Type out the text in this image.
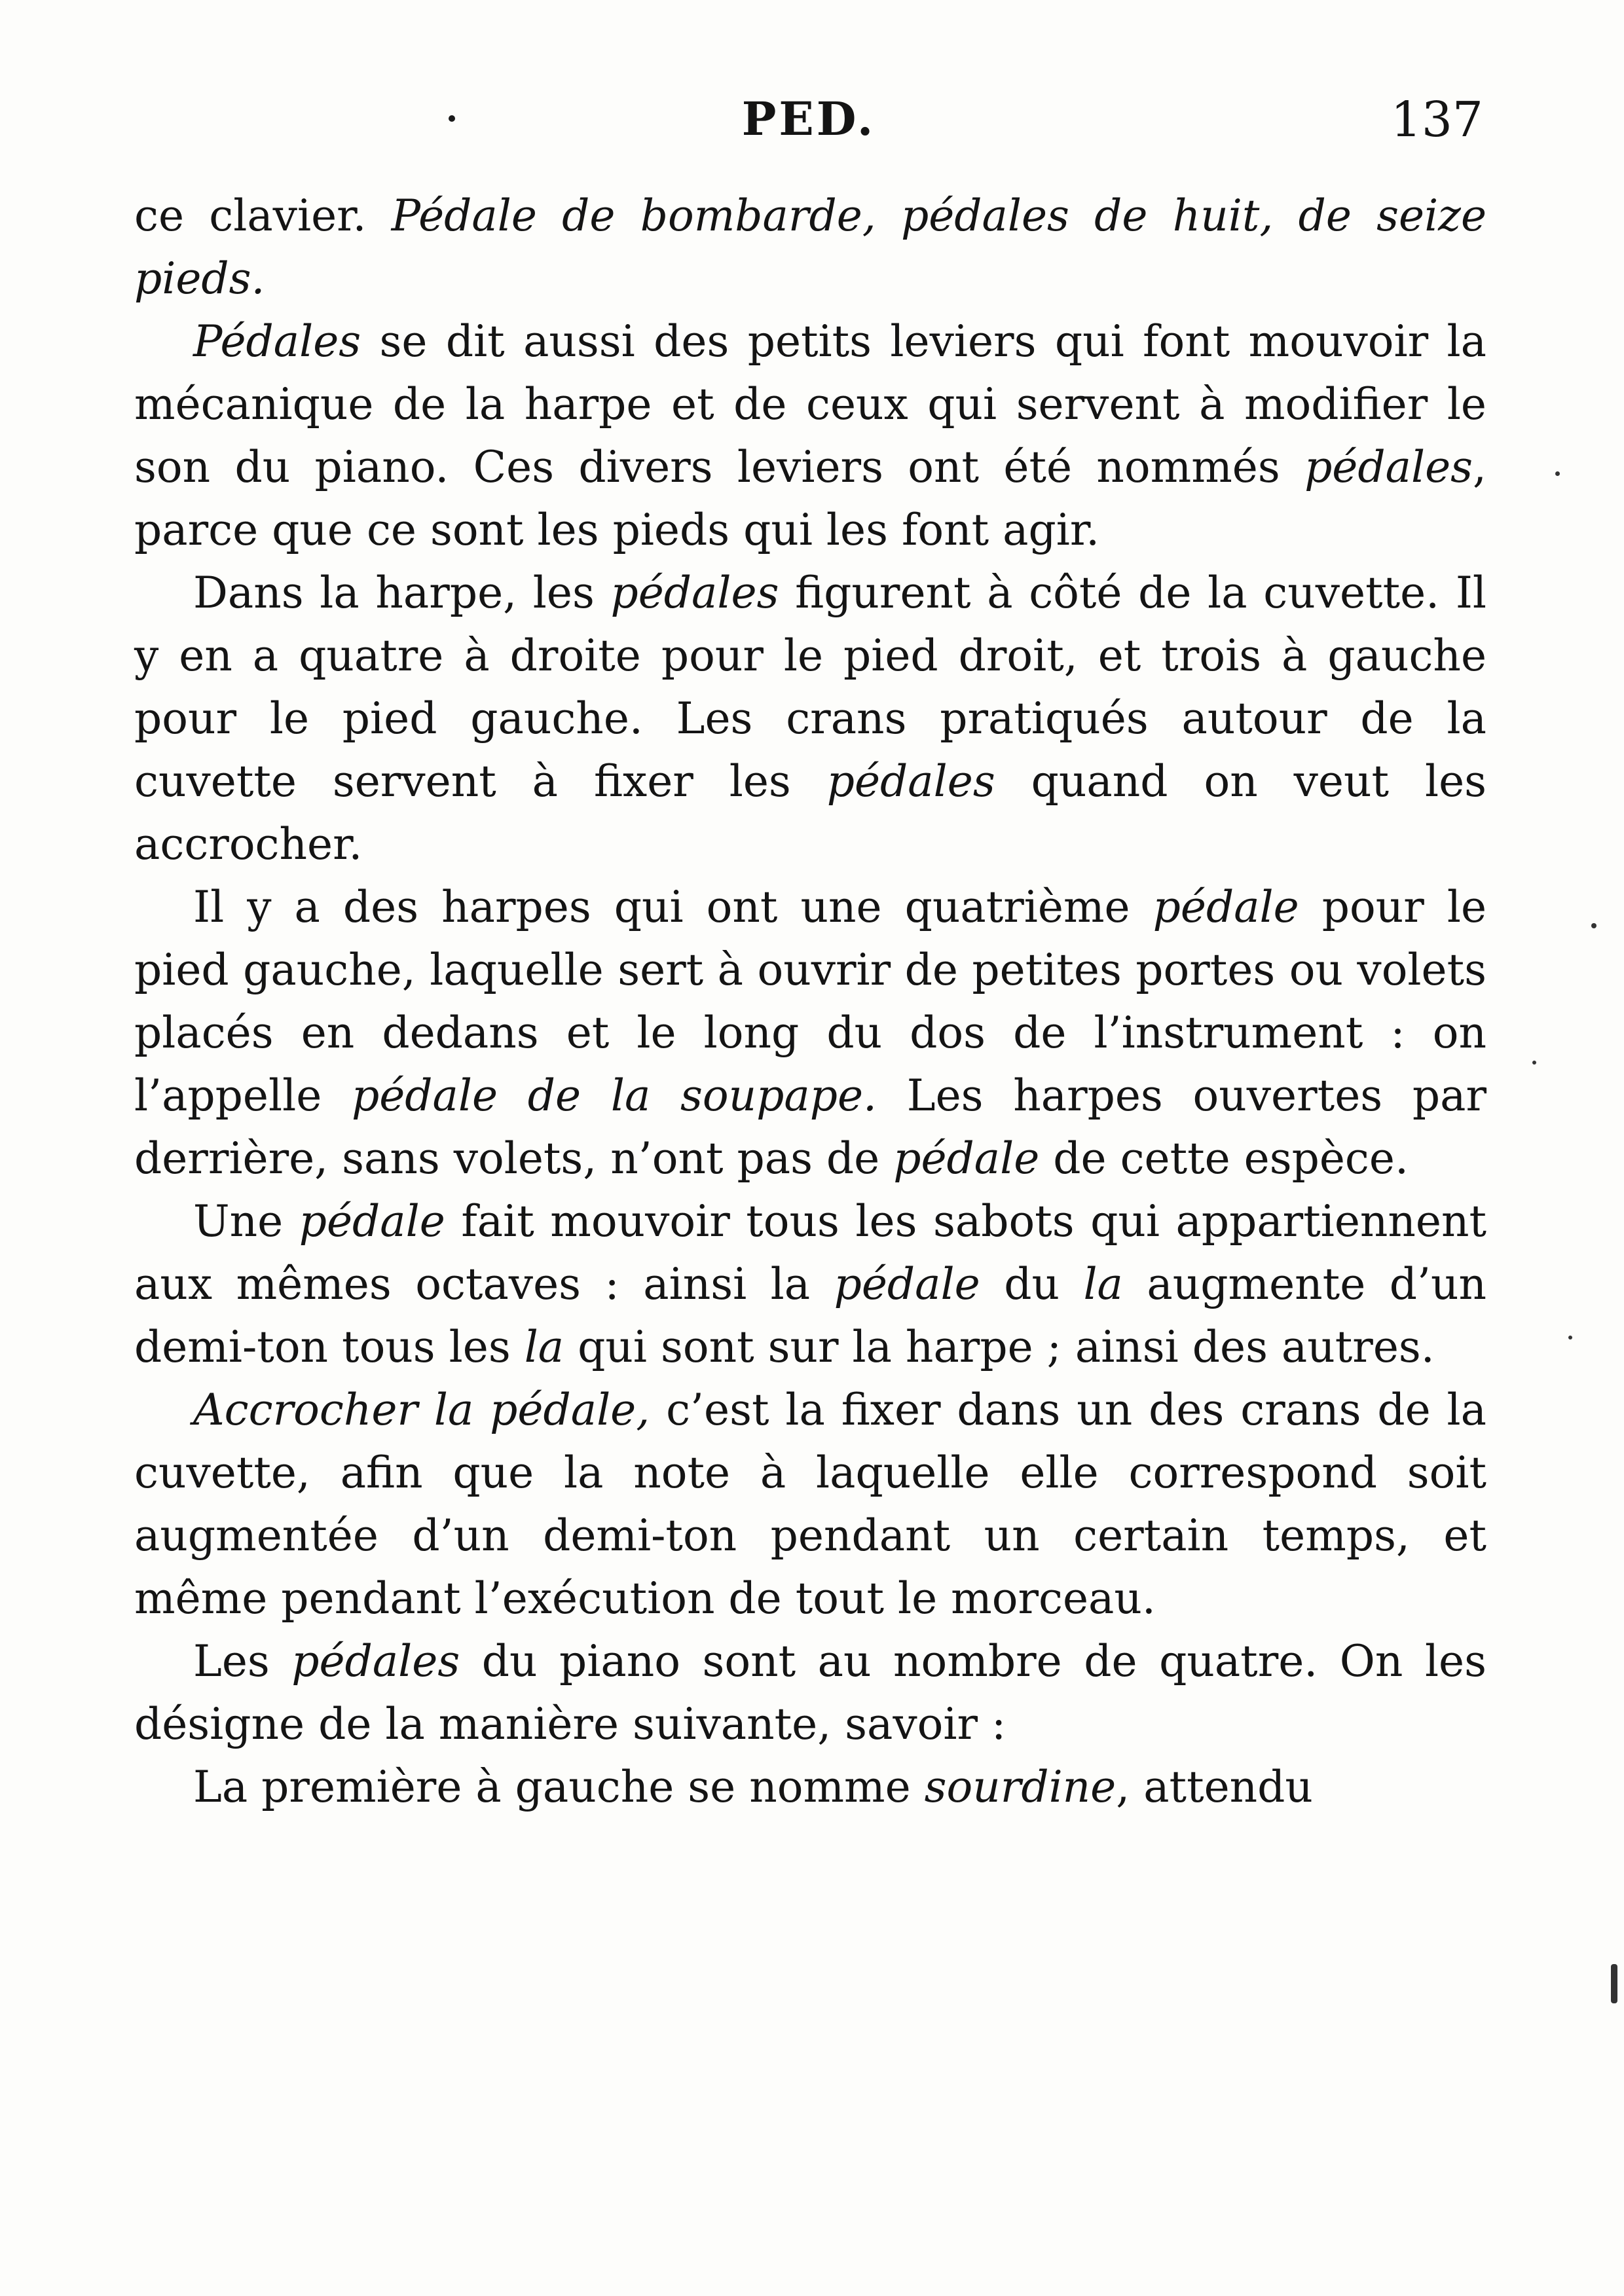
PED.	137

ce clavier. Pédale de bombarde, pédales de huit, de seize pieds.

Pédales se dit aussi des petits leviers qui font mouvoir la mécanique de la harpe et de ceux qui servent à modifier le son du piano. Ces divers leviers ont été nommés pédales, parce que ce sont les pieds qui les font agir.

Dans la harpe, les pédales figurent à côté de la cuvette. Il y en a quatre à droite pour le pied droit, et trois à gauche pour le pied gauche. Les crans pratiqués autour de la cuvette servent à fixer les pédales quand on veut les accrocher.

Il y a des harpes qui ont une quatrième pédale pour le pied gauche, laquelle sert à ouvrir de petites portes ou volets placés en dedans et le long du dos de l’instrument : on l’appelle pédale de la soupape. Les harpes ouvertes par derrière, sans volets, n’ont pas de pédale de cette espèce.

Une pédale fait mouvoir tous les sabots qui appartiennent aux mêmes octaves : ainsi la pédale du la augmente d’un demi-ton tous les la qui sont sur la harpe ; ainsi des autres.

Accrocher la pédale, c’est la fixer dans un des crans de la cuvette, afin que la note à laquelle elle correspond soit augmentée d’un demi-ton pendant un certain temps, et même pendant l’exécution de tout le morceau.

Les pédales du piano sont au nombre de quatre. On les désigne de la manière suivante, savoir :

La première à gauche se nomme sourdine, attendu
